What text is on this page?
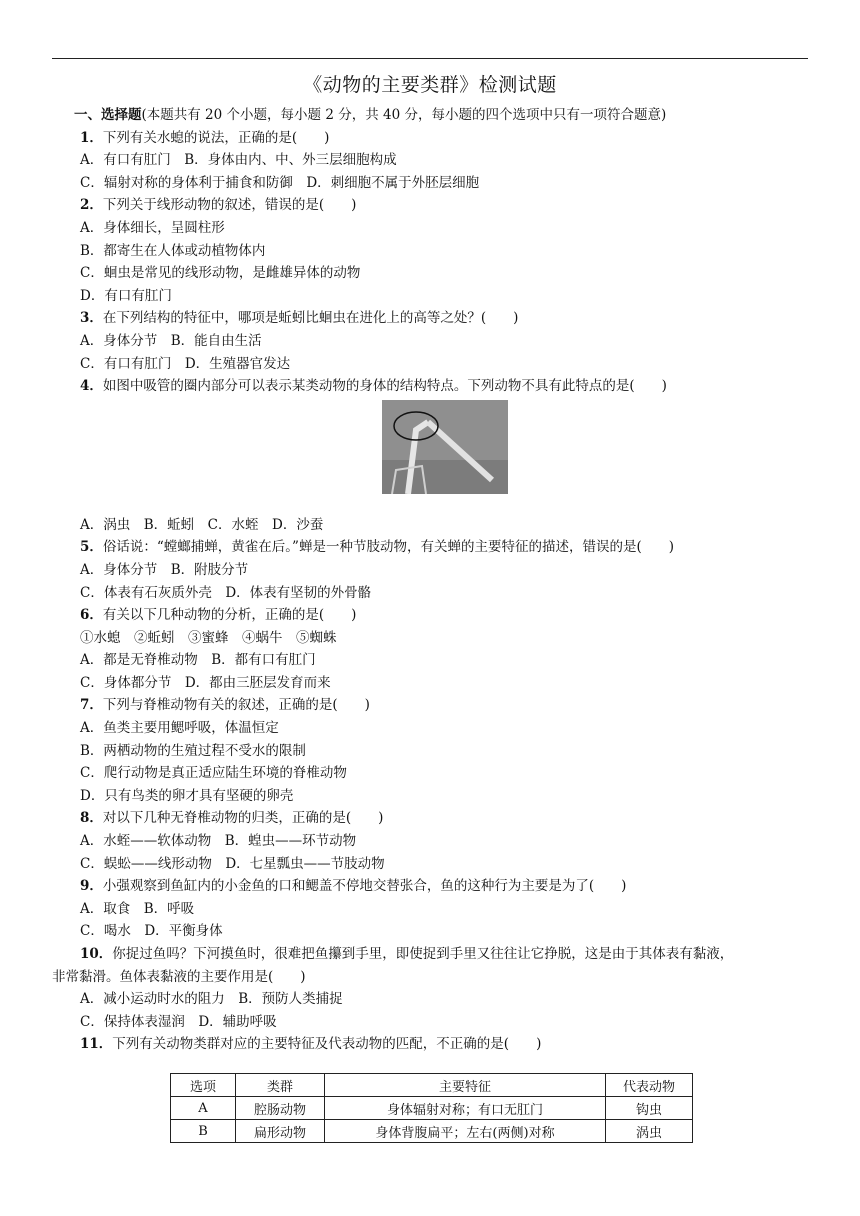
《动物的主要类群》检测试题
一、选择题(本题共有 20 个小题，每小题 2 分，共 40 分，每小题的四个选项中只有一项符合题意)
1．下列有关水螅的说法，正确的是(　　)
A．有口有肛门　B．身体由内、中、外三层细胞构成
C．辐射对称的身体利于捕食和防御　D．刺细胞不属于外胚层细胞
2．下列关于线形动物的叙述，错误的是(　　)
A．身体细长，呈圆柱形
B．都寄生在人体或动植物体内
C．蛔虫是常见的线形动物，是雌雄异体的动物
D．有口有肛门
3．在下列结构的特征中，哪项是蚯蚓比蛔虫在进化上的高等之处？(　　)
A．身体分节　B．能自由生活
C．有口有肛门　D．生殖器官发达
4．如图中吸管的圈内部分可以表示某类动物的身体的结构特点。下列动物不具有此特点的是(　　)
A．涡虫　B．蚯蚓　C．水蛭　D．沙蚕
5．俗话说：“螳螂捕蝉，黄雀在后。”蝉是一种节肢动物，有关蝉的主要特征的描述，错误的是(　　)
A．身体分节　B．附肢分节
C．体表有石灰质外壳　D．体表有坚韧的外骨骼
6．有关以下几种动物的分析，正确的是(　　)
①水螅　②蚯蚓　③蜜蜂　④蜗牛　⑤蜘蛛
A．都是无脊椎动物　B．都有口有肛门
C．身体都分节　D．都由三胚层发育而来
7．下列与脊椎动物有关的叙述，正确的是(　　)
A．鱼类主要用鳃呼吸，体温恒定
B．两栖动物的生殖过程不受水的限制
C．爬行动物是真正适应陆生环境的脊椎动物
D．只有鸟类的卵才具有坚硬的卵壳
8．对以下几种无脊椎动物的归类，正确的是(　　)
A．水蛭——软体动物　B．蝗虫——环节动物
C．蜈蚣——线形动物　D．七星瓢虫——节肢动物
9．小强观察到鱼缸内的小金鱼的口和鳃盖不停地交替张合，鱼的这种行为主要是为了(　　)
A．取食　B．呼吸
C．喝水　D．平衡身体
10．你捉过鱼吗？下河摸鱼时，很难把鱼攥到手里，即使捉到手里又往往让它挣脱，这是由于其体表有黏液，
非常黏滑。鱼体表黏液的主要作用是(　　)
A．减小运动时水的阻力　B．预防人类捕捉
C．保持体表湿润　D．辅助呼吸
11．下列有关动物类群对应的主要特征及代表动物的匹配，不正确的是(　　)
选项	类群	主要特征	代表动物
A	腔肠动物	身体辐射对称；有口无肛门	钩虫
B	扁形动物	身体背腹扁平；左右(两侧)对称	涡虫
